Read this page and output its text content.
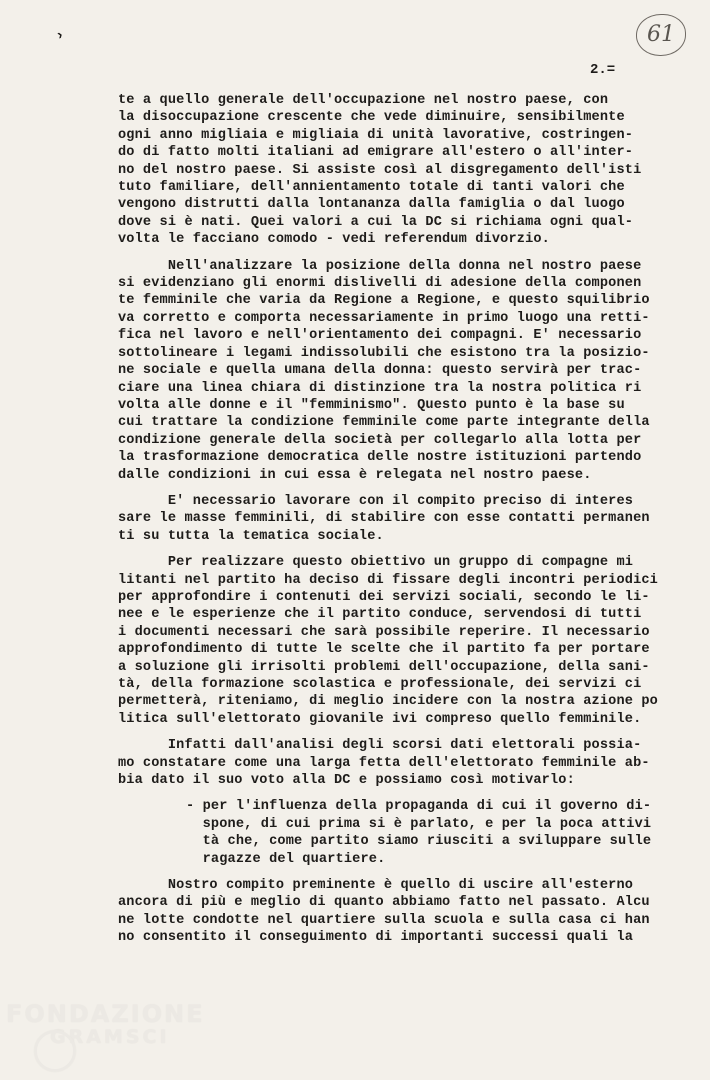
›	61
2.=
te a quello generale dell'occupazione nel nostro paese, con
la disoccupazione crescente che vede diminuire, sensibilmente
ogni anno migliaia e migliaia di unità lavorative, costringen-
do di fatto molti italiani ad emigrare all'estero o all'inter-
no del nostro paese. Si assiste così al disgregamento dell'isti
tuto familiare, dell'annientamento totale di tanti valori che
vengono distrutti dalla lontananza dalla famiglia o dal luogo
dove si è nati. Quei valori a cui la DC si richiama ogni qual-
volta le facciano comodo - vedi referendum divorzio.
Nell'analizzare la posizione della donna nel nostro paese
si evidenziano gli enormi dislivelli di adesione della componen
te femminile che varia da Regione a Regione, e questo squilibrio
va corretto e comporta necessariamente in primo luogo una retti-
fica nel lavoro e nell'orientamento dei compagni. E' necessario
sottolineare i legami indissolubili che esistono tra la posizio-
ne sociale e quella umana della donna: questo servirà per trac-
ciare una linea chiara di distinzione tra la nostra politica ri
volta alle donne e il "femminismo". Questo punto è la base su
cui trattare la condizione femminile come parte integrante della
condizione generale della società per collegarlo alla lotta per
la trasformazione democratica delle nostre istituzioni partendo
dalle condizioni in cui essa è relegata nel nostro paese.
E' necessario lavorare con il compito preciso di interes
sare le masse femminili, di stabilire con esse contatti permanen
ti su tutta la tematica sociale.
Per realizzare questo obiettivo un gruppo di compagne mi
litanti nel partito ha deciso di fissare degli incontri periodici
per approfondire i contenuti dei servizi sociali, secondo le li-
nee e le esperienze che il partito conduce, servendosi di tutti
i documenti necessari che sarà possibile reperire. Il necessario
approfondimento di tutte le scelte che il partito fa per portare
a soluzione gli irrisolti problemi dell'occupazione, della sani-
tà, della formazione scolastica e professionale, dei servizi ci
permetterà, riteniamo, di meglio incidere con la nostra azione po
litica sull'elettorato giovanile ivi compreso quello femminile.
Infatti dall'analisi degli scorsi dati elettorali possia-
mo constatare come una larga fetta dell'elettorato femminile ab-
bia dato il suo voto alla DC e possiamo così motivarlo:
- per l'influenza della propaganda di cui il governo di-
spone, di cui prima si è parlato, e per la poca attivi
tà che, come partito siamo riusciti a sviluppare sulle
ragazze del quartiere.
Nostro compito preminente è quello di uscire all'esterno
ancora di più e meglio di quanto abbiamo fatto nel passato. Alcu
ne lotte condotte nel quartiere sulla scuola e sulla casa ci han
no consentito il conseguimento di importanti successi quali la
FONDAZIONE
GRAMSCI
